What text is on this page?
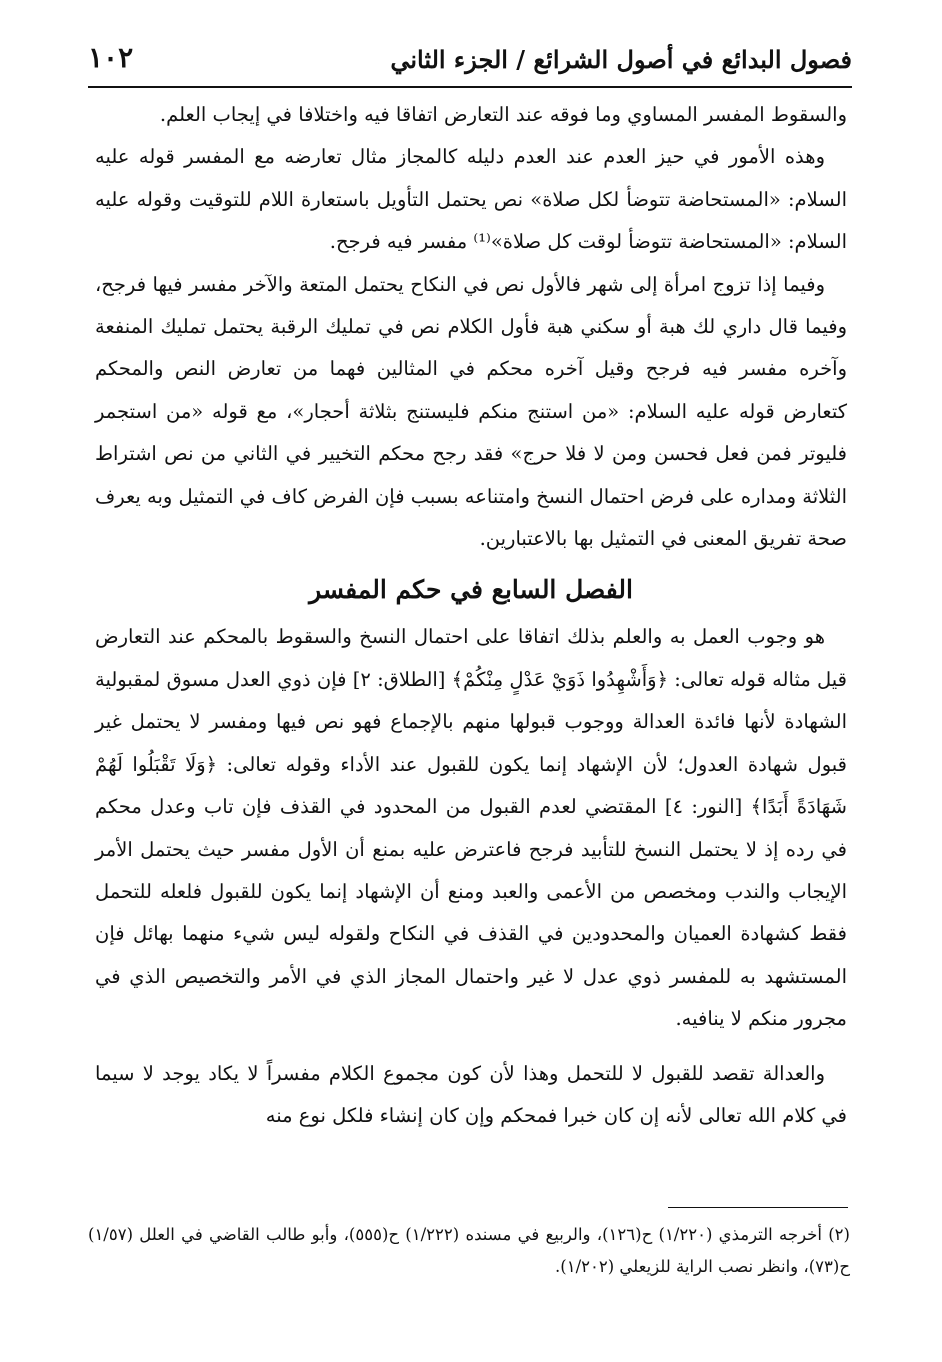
فصول البدائع في أصول الشرائع / الجزء الثاني
١٠٢

والسقوط المفسر المساوي وما فوقه عند التعارض اتفاقا فيه واختلافا في إيجاب العلم.

وهذه الأمور في حيز العدم عند العدم دليله كالمجاز مثال تعارضه مع المفسر قوله عليه السلام: «المستحاضة تتوضأ لكل صلاة» نص يحتمل التأويل باستعارة اللام للتوقيت وقوله عليه السلام: «المستحاضة تتوضأ لوقت كل صلاة»⁽¹⁾ مفسر فيه فرجح.

وفيما إذا تزوج امرأة إلى شهر فالأول نص في النكاح يحتمل المتعة والآخر مفسر فيها فرجح، وفيما قال داري لك هبة أو سكني هبة فأول الكلام نص في تمليك الرقبة يحتمل تمليك المنفعة وآخره مفسر فيه فرجح وقيل آخره محكم في المثالين فهما من تعارض النص والمحكم كتعارض قوله عليه السلام: «من استنج منكم فليستنج بثلاثة أحجار»، مع قوله «من استجمر فليوتر فمن فعل فحسن ومن لا فلا حرج» فقد رجح محكم التخيير في الثاني من نص اشتراط الثلاثة ومداره على فرض احتمال النسخ وامتناعه بسبب فإن الفرض كاف في التمثيل وبه يعرف صحة تفريق المعنى في التمثيل بها بالاعتبارين.

الفصل السابع في حكم المفسر

هو وجوب العمل به والعلم بذلك اتفاقا على احتمال النسخ والسقوط بالمحكم عند التعارض قيل مثاله قوله تعالى: ﴿وَأَشْهِدُوا ذَوَيْ عَدْلٍ مِنْكُمْ﴾ [الطلاق: ٢] فإن ذوي العدل مسوق لمقبولية الشهادة لأنها فائدة العدالة ووجوب قبولها منهم بالإجماع فهو نص فيها ومفسر لا يحتمل غير قبول شهادة العدول؛ لأن الإشهاد إنما يكون للقبول عند الأداء وقوله تعالى: ﴿وَلَا تَقْبَلُوا لَهُمْ شَهَادَةً أَبَدًا﴾ [النور: ٤] المقتضي لعدم القبول من المحدود في القذف فإن تاب وعدل محكم في رده إذ لا يحتمل النسخ للتأبيد فرجح فاعترض عليه بمنع أن الأول مفسر حيث يحتمل الأمر الإيجاب والندب ومخصص من الأعمى والعبد ومنع أن الإشهاد إنما يكون للقبول فلعله للتحمل فقط كشهادة العميان والمحدودين في القذف في النكاح ولقوله ليس شيء منهما بهائل فإن المستشهد به للمفسر ذوي عدل لا غير واحتمال المجاز الذي في الأمر والتخصيص الذي في مجرور منكم لا ينافيه.

والعدالة تقصد للقبول لا للتحمل وهذا لأن كون مجموع الكلام مفسراً لا يكاد يوجد لا سيما في كلام الله تعالى لأنه إن كان خبرا فمحكم وإن كان إنشاء فلكل نوع منه

(٢) أخرجه الترمذي (١/٢٢٠) ح(١٢٦)، والربيع في مسنده (١/٢٢٢) ح(٥٥٥)، وأبو طالب القاضي في العلل (١/٥٧) ح(٧٣)، وانظر نصب الراية للزيعلي (١/٢٠٢).
